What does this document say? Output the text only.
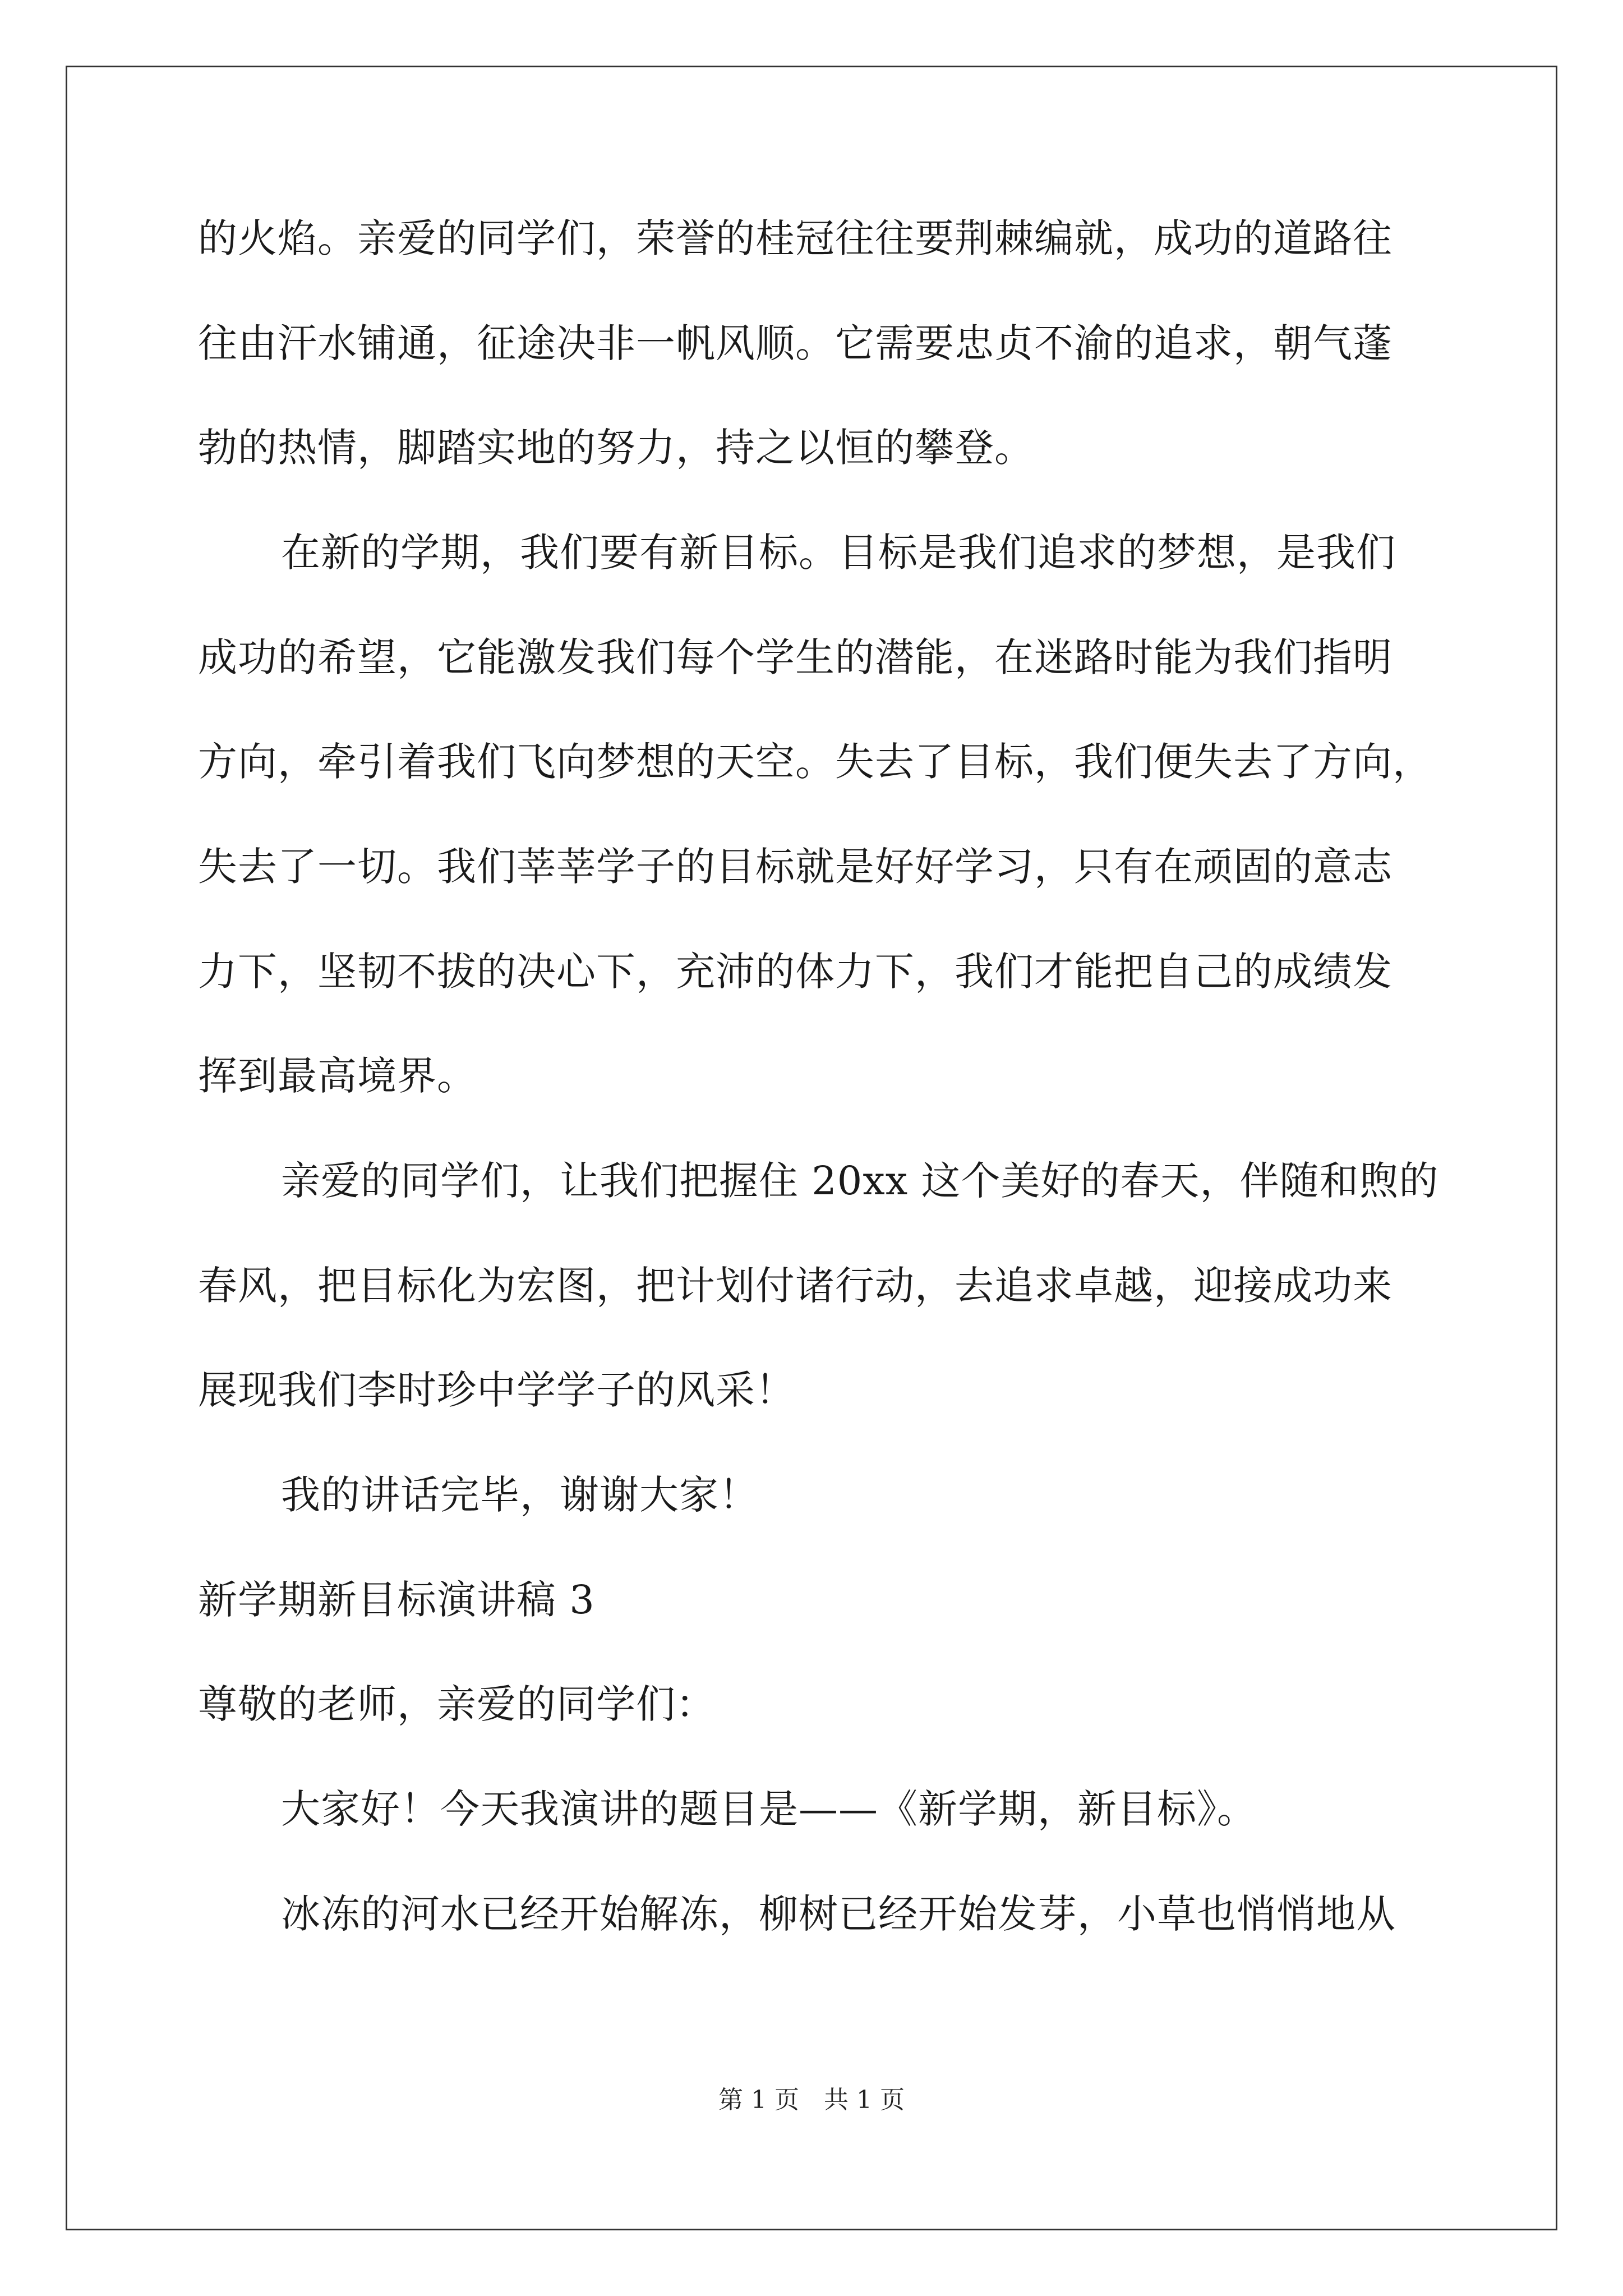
的火焰。亲爱的同学们，荣誉的桂冠往往要荆棘编就，成功的道路往
往由汗水铺通，征途决非一帆风顺。它需要忠贞不渝的追求，朝气蓬
勃的热情，脚踏实地的努力，持之以恒的攀登。
在新的学期，我们要有新目标。目标是我们追求的梦想，是我们
成功的希望，它能激发我们每个学生的潜能，在迷路时能为我们指明
方向，牵引着我们飞向梦想的天空。失去了目标，我们便失去了方向，
失去了一切。我们莘莘学子的目标就是好好学习，只有在顽固的意志
力下，坚韧不拔的决心下，充沛的体力下，我们才能把自己的成绩发
挥到最高境界。
亲爱的同学们，让我们把握住 20xx 这个美好的春天，伴随和煦的
春风，把目标化为宏图，把计划付诸行动，去追求卓越，迎接成功来
展现我们李时珍中学学子的风采！
我的讲话完毕，谢谢大家！
新学期新目标演讲稿 3
尊敬的老师，亲爱的同学们：
大家好！今天我演讲的题目是——《新学期，新目标》。
冰冻的河水已经开始解冻，柳树已经开始发芽，小草也悄悄地从
第 1 页 共 1 页
